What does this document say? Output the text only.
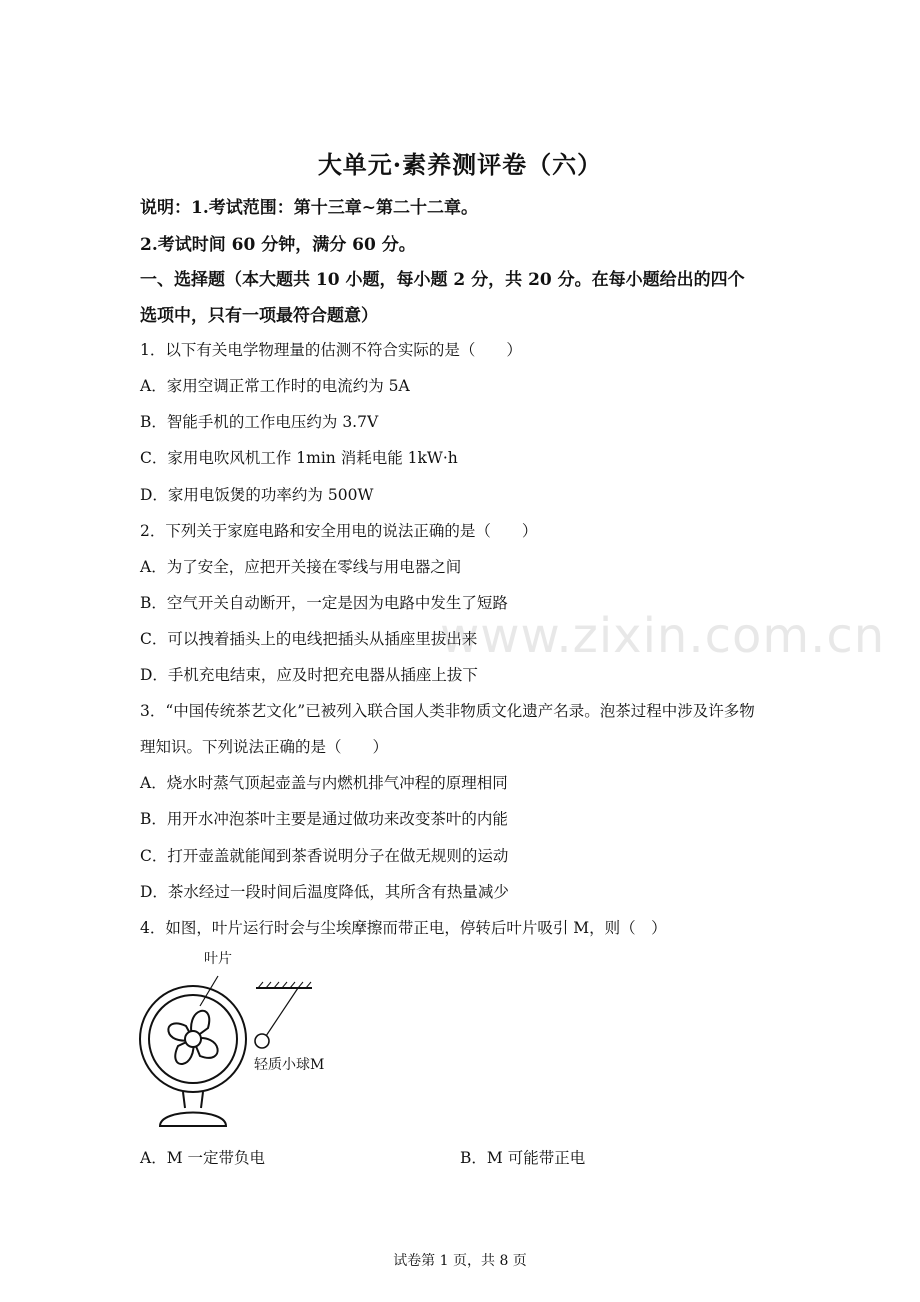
大单元·素养测评卷（六）
说明：1.考试范围：第十三章~第二十二章。
2.考试时间 60 分钟，满分 60 分。
一、选择题（本大题共 10 小题，每小题 2 分，共 20 分。在每小题给出的四个
选项中，只有一项最符合题意）
1．以下有关电学物理量的估测不符合实际的是（　　）
A．家用空调正常工作时的电流约为 5A
B．智能手机的工作电压约为 3.7V
C．家用电吹风机工作 1min 消耗电能 1kW·h
D．家用电饭煲的功率约为 500W
2．下列关于家庭电路和安全用电的说法正确的是（　　）
A．为了安全，应把开关接在零线与用电器之间
B．空气开关自动断开，一定是因为电路中发生了短路
C．可以拽着插头上的电线把插头从插座里拔出来
D．手机充电结束，应及时把充电器从插座上拔下
3．“中国传统茶艺文化”已被列入联合国人类非物质文化遗产名录。泡茶过程中涉及许多物
理知识。下列说法正确的是（　　）
A．烧水时蒸气顶起壶盖与内燃机排气冲程的原理相同
B．用开水冲泡茶叶主要是通过做功来改变茶叶的内能
C．打开壶盖就能闻到茶香说明分子在做无规则的运动
D．茶水经过一段时间后温度降低，其所含有热量减少
4．如图，叶片运行时会与尘埃摩擦而带正电，停转后叶片吸引 M，则（　）
叶片
轻质小球M
A．M 一定带负电	B．M 可能带正电
www.zixin.com.cn
试卷第 1 页，共 8 页
